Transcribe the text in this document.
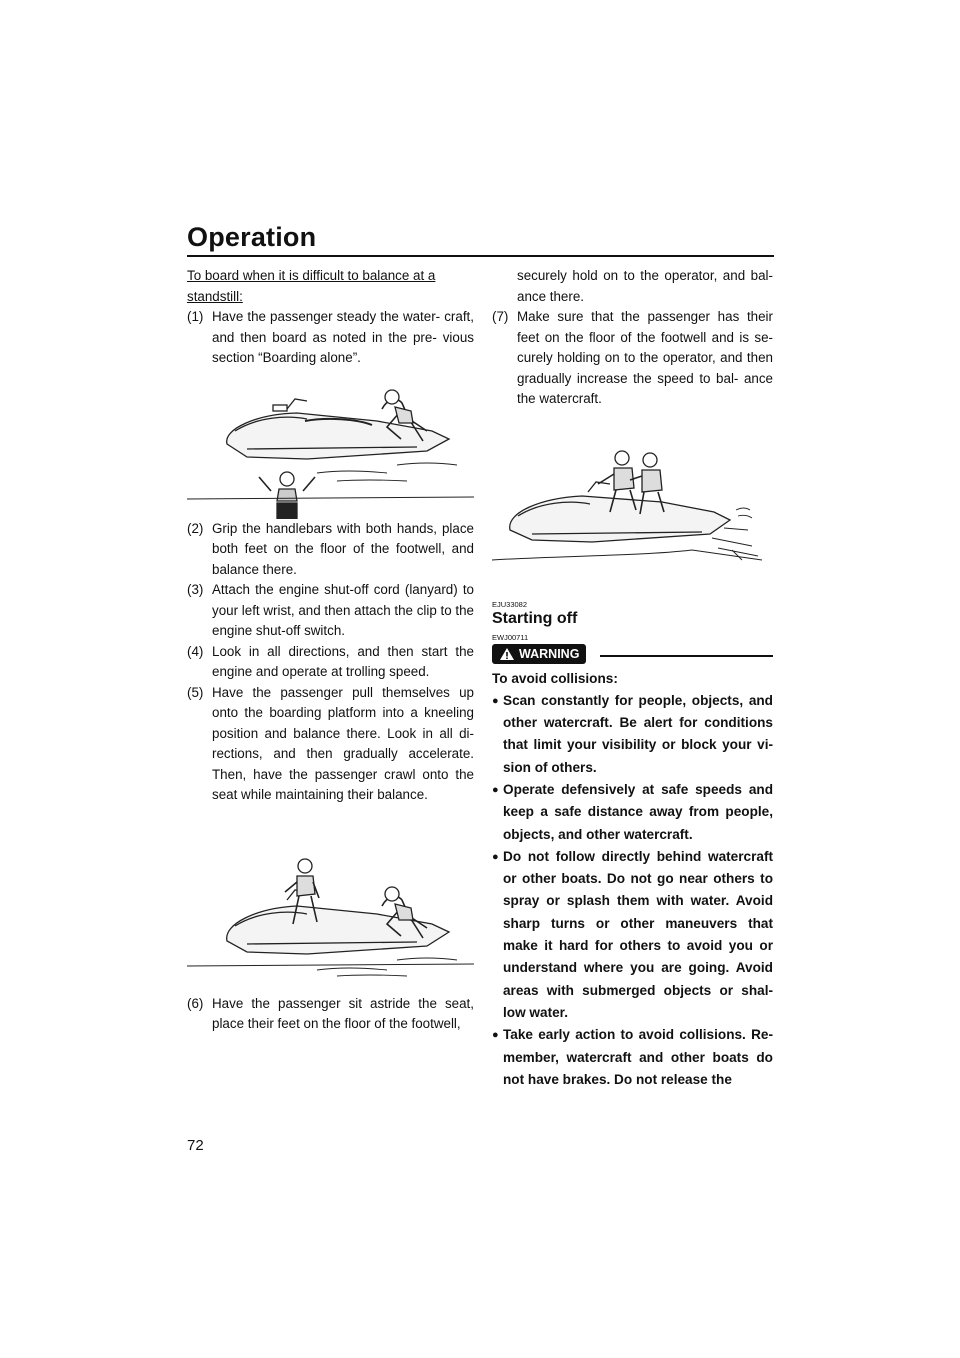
Operation
To board when it is difficult to balance at a standstill:
(1) Have the passenger steady the water- craft, and then board as noted in the pre- vious section “Boarding alone”.
(2) Grip the handlebars with both hands, place both feet on the floor of the footwell, and balance there.
(3) Attach the engine shut-off cord (lanyard) to your left wrist, and then attach the clip to the engine shut-off switch.
(4) Look in all directions, and then start the engine and operate at trolling speed.
(5) Have the passenger pull themselves up onto the boarding platform into a kneeling position and balance there. Look in all di- rections, and then gradually accelerate. Then, have the passenger crawl onto the seat while maintaining their balance.
(6) Have the passenger sit astride the seat, place their feet on the floor of the footwell,
securely hold on to the operator, and bal- ance there.
(7) Make sure that the passenger has their feet on the floor of the footwell and is se- curely holding on to the operator, and then gradually increase the speed to bal- ance the watercraft.
EJU33082
Starting off
EWJ00711
WARNING
To avoid collisions:
● Scan constantly for people, objects, and other watercraft. Be alert for conditions that limit your visibility or block your vi- sion of others.
● Operate defensively at safe speeds and keep a safe distance away from people, objects, and other watercraft.
● Do not follow directly behind watercraft or other boats. Do not go near others to spray or splash them with water. Avoid sharp turns or other maneuvers that make it hard for others to avoid you or understand where you are going. Avoid areas with submerged objects or shal- low water.
● Take early action to avoid collisions. Re- member, watercraft and other boats do not have brakes. Do not release the
72
